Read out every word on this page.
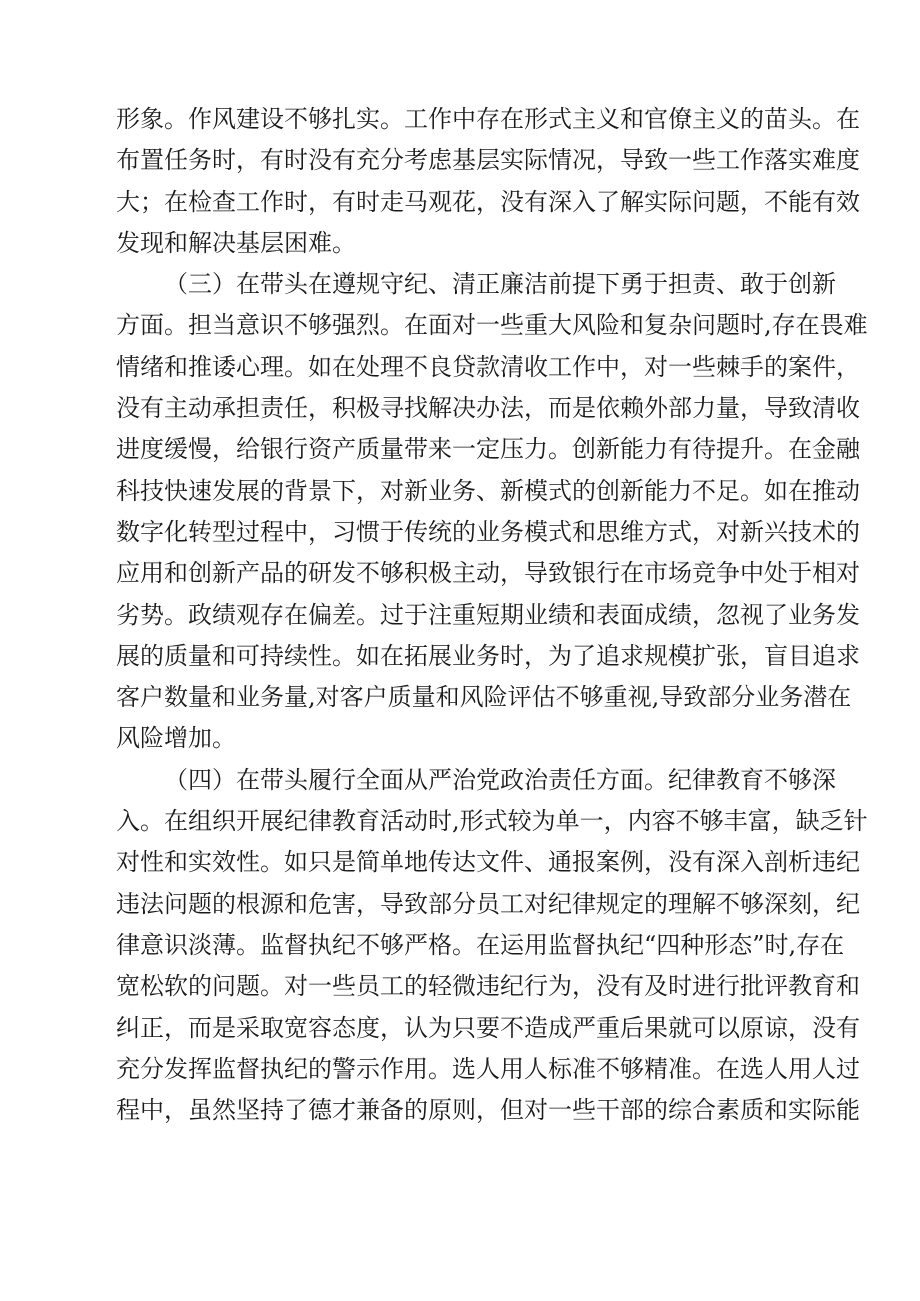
形象。作风建设不够扎实。工作中存在形式主义和官僚主义的苗头。在
布置任务时，有时没有充分考虑基层实际情况，导致一些工作落实难度
大；在检查工作时，有时走马观花，没有深入了解实际问题，不能有效
发现和解决基层困难。
（三）在带头在遵规守纪、清正廉洁前提下勇于担责、敢于创新
方面。担当意识不够强烈。在面对一些重大风险和复杂问题时,存在畏难
情绪和推诿心理。如在处理不良贷款清收工作中，对一些棘手的案件，
没有主动承担责任，积极寻找解决办法，而是依赖外部力量，导致清收
进度缓慢，给银行资产质量带来一定压力。创新能力有待提升。在金融
科技快速发展的背景下，对新业务、新模式的创新能力不足。如在推动
数字化转型过程中，习惯于传统的业务模式和思维方式，对新兴技术的
应用和创新产品的研发不够积极主动，导致银行在市场竞争中处于相对
劣势。政绩观存在偏差。过于注重短期业绩和表面成绩，忽视了业务发
展的质量和可持续性。如在拓展业务时，为了追求规模扩张，盲目追求
客户数量和业务量,对客户质量和风险评估不够重视,导致部分业务潜在
风险增加。
（四）在带头履行全面从严治党政治责任方面。纪律教育不够深
入。在组织开展纪律教育活动时,形式较为单一，内容不够丰富，缺乏针
对性和实效性。如只是简单地传达文件、通报案例，没有深入剖析违纪
违法问题的根源和危害，导致部分员工对纪律规定的理解不够深刻，纪
律意识淡薄。监督执纪不够严格。在运用监督执纪“四种形态”时,存在
宽松软的问题。对一些员工的轻微违纪行为，没有及时进行批评教育和
纠正，而是采取宽容态度，认为只要不造成严重后果就可以原谅，没有
充分发挥监督执纪的警示作用。选人用人标准不够精准。在选人用人过
程中，虽然坚持了德才兼备的原则，但对一些干部的综合素质和实际能
